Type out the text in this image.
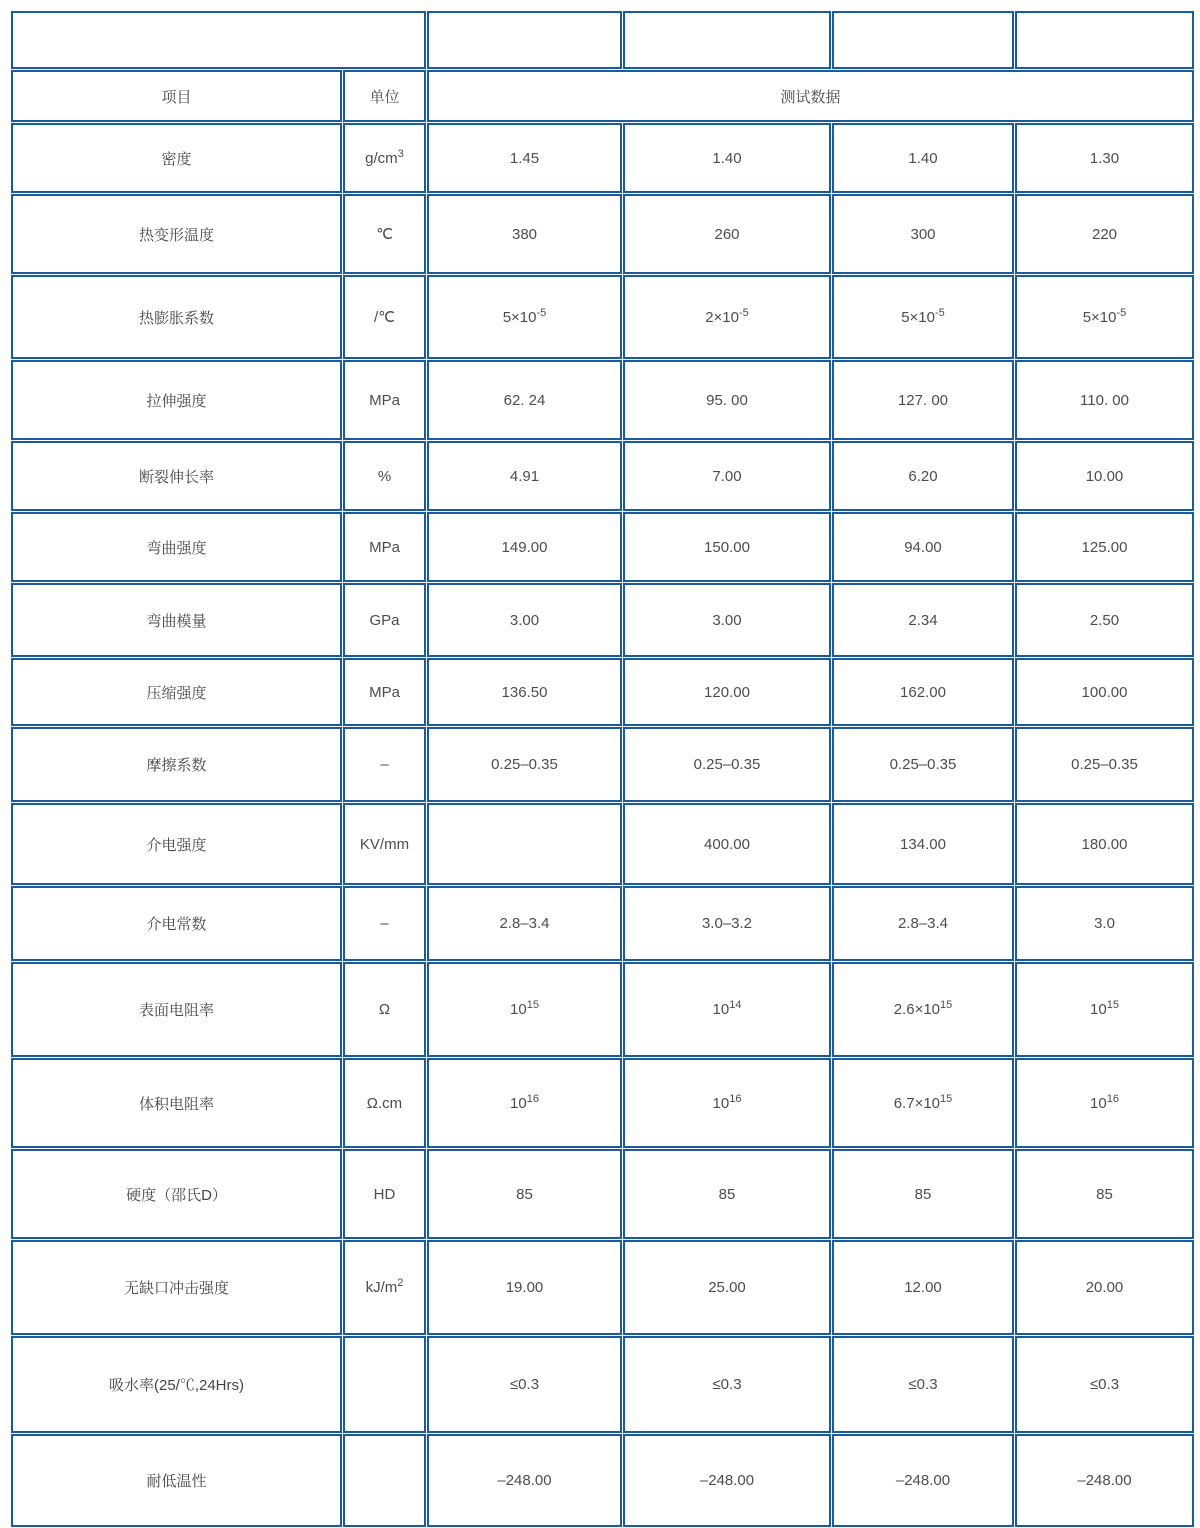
产品名称		NJSSPI–1003	NJSSPI–1006	NJSSPI–1007	NJSSPI–1008
项目	单位	测试数据			
密度	$g/cm^3$	1.45	1.40	1.40	1.30
热变形温度	℃	380	260	300	220
热膨胀系数	/℃	$5\times 10^{-5}$	$2\times 10^{-5}$	$5\times 10^{-5}$	$5\times 10^{-5}$
拉伸强度	MPa	62. 24	95. 00	127. 00	110. 00
断裂伸长率	%	4.91	7.00	6.20	10.00
弯曲强度	MPa	149.00	150.00	94.00	125.00
弯曲模量	GPa	3.00	3.00	2.34	2.50
压缩强度	MPa	136.50	120.00	162.00	100.00
摩擦系数	–	0.25–0.35	0.25–0.35	0.25–0.35	0.25–0.35
介电强度	KV/mm		400.00	134.00	180.00
介电常数	–	2.8–3.4	3.0–3.2	2.8–3.4	3.0
表面电阻率	Ω	$10^{15}$	$10^{14}$	$2.6\times 10^{15}$	$10^{15}$
体积电阻率	Ω.cm	$10^{16}$	$10^{16}$	$6.7\times 10^{15}$	$10^{16}$
硬度（邵氏D）	HD	85	85	85	85
无缺口冲击强度	$kJ/m^2$	19.00	25.00	12.00	20.00
吸水率(25/℃,24Hrs)		≤0.3	≤0.3	≤0.3	≤0.3
耐低温性		–248.00	–248.00	–248.00	–248.00
